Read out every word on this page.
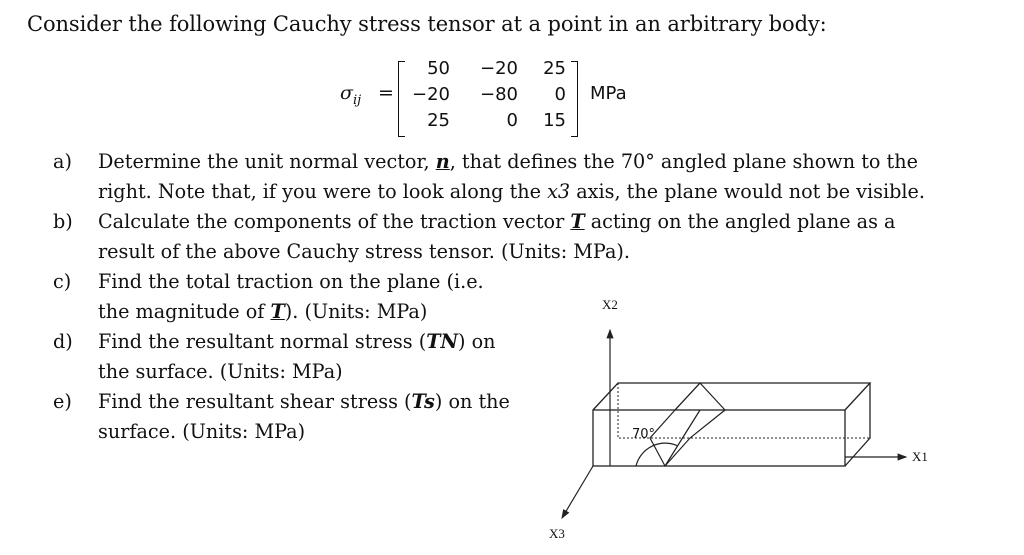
Consider the following Cauchy stress tensor at a point in an arbitrary body:
$\sigma_{ij}$ =
50	−20	25
−20	−80	0
25	0	15
MPa
a) Determine the unit normal vector, n, that defines the 70° angled plane shown to the
right. Note that, if you were to look along the x3 axis, the plane would not be visible.
b) Calculate the components of the traction vector T acting on the angled plane as a
result of the above Cauchy stress tensor. (Units: MPa).
c) Find the total traction on the plane (i.e.
the magnitude of T). (Units: MPa)
d) Find the resultant normal stress (TN) on
the surface. (Units: MPa)
e) Find the resultant shear stress (Ts) on the
surface. (Units: MPa)
X2
X1
X3
70°
